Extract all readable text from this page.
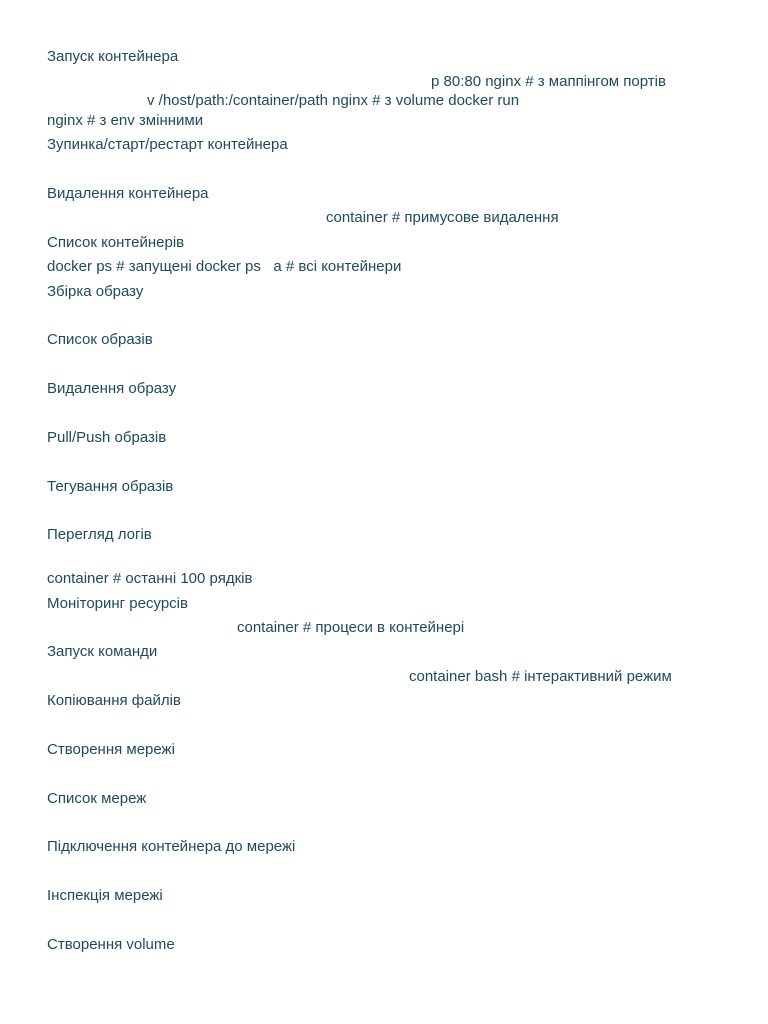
Запуск контейнера
p 80:80 nginx # з маппінгом портів
v /host/path:/container/path nginx # з volume docker run
nginx # з env змінними
Зупинка/старт/рестарт контейнера
Видалення контейнера
container # примусове видалення
Список контейнерів
docker ps # запущені docker ps   a # всі контейнери
Збірка образу
Список образів
Видалення образу
Pull/Push образів
Тегування образів
Перегляд логів
container # останні 100 рядків
Моніторинг ресурсів
container # процеси в контейнері
Запуск команди
container bash # інтерактивний режим
Копіювання файлів
Створення мережі
Список мереж
Підключення контейнера до мережі
Інспекція мережі
Створення volume
